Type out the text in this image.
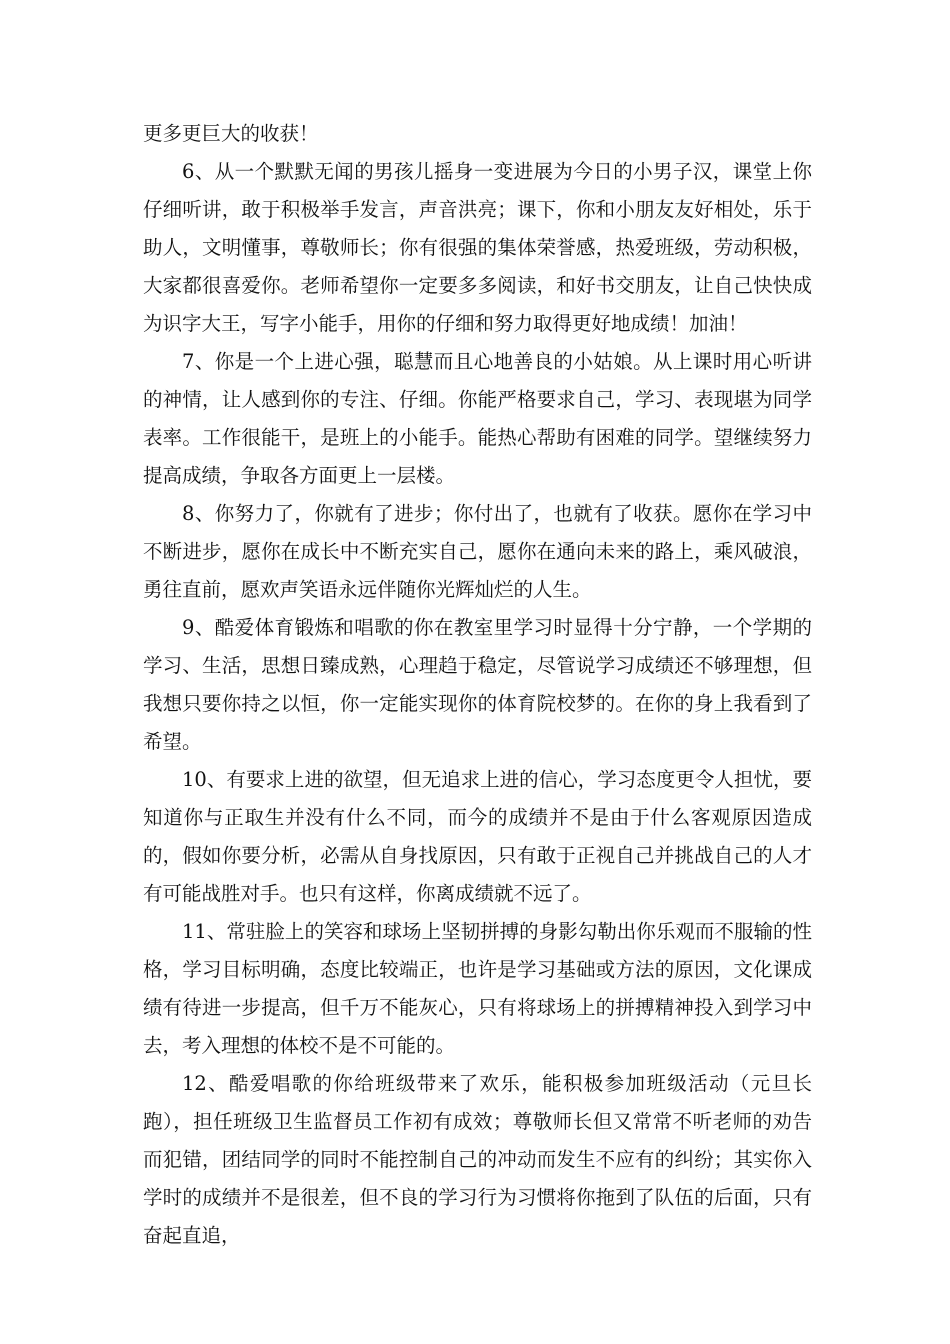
更多更巨大的收获！

6、从一个默默无闻的男孩儿摇身一变进展为今日的小男子汉，课堂上你仔细听讲，敢于积极举手发言，声音洪亮；课下，你和小朋友友好相处，乐于助人，文明懂事，尊敬师长；你有很强的集体荣誉感，热爱班级，劳动积极，大家都很喜爱你。老师希望你一定要多多阅读，和好书交朋友，让自己快快成为识字大王，写字小能手，用你的仔细和努力取得更好地成绩！加油！

7、你是一个上进心强，聪慧而且心地善良的小姑娘。从上课时用心听讲的神情，让人感到你的专注、仔细。你能严格要求自己，学习、表现堪为同学表率。工作很能干，是班上的小能手。能热心帮助有困难的同学。望继续努力提高成绩，争取各方面更上一层楼。

8、你努力了，你就有了进步；你付出了，也就有了收获。愿你在学习中不断进步，愿你在成长中不断充实自己，愿你在通向未来的路上，乘风破浪，勇往直前，愿欢声笑语永远伴随你光辉灿烂的人生。

9、酷爱体育锻炼和唱歌的你在教室里学习时显得十分宁静，一个学期的学习、生活，思想日臻成熟，心理趋于稳定，尽管说学习成绩还不够理想，但我想只要你持之以恒，你一定能实现你的体育院校梦的。在你的身上我看到了希望。

10、有要求上进的欲望，但无追求上进的信心，学习态度更令人担忧，要知道你与正取生并没有什么不同，而今的成绩并不是由于什么客观原因造成的，假如你要分析，必需从自身找原因，只有敢于正视自己并挑战自己的人才有可能战胜对手。也只有这样，你离成绩就不远了。

11、常驻脸上的笑容和球场上坚韧拼搏的身影勾勒出你乐观而不服输的性格，学习目标明确，态度比较端正，也许是学习基础或方法的原因，文化课成绩有待进一步提高，但千万不能灰心，只有将球场上的拼搏精神投入到学习中去，考入理想的体校不是不可能的。

12、酷爱唱歌的你给班级带来了欢乐，能积极参加班级活动（元旦长跑），担任班级卫生监督员工作初有成效；尊敬师长但又常常不听老师的劝告而犯错，团结同学的同时不能控制自己的冲动而发生不应有的纠纷；其实你入学时的成绩并不是很差，但不良的学习行为习惯将你拖到了队伍的后面，只有奋起直追，
